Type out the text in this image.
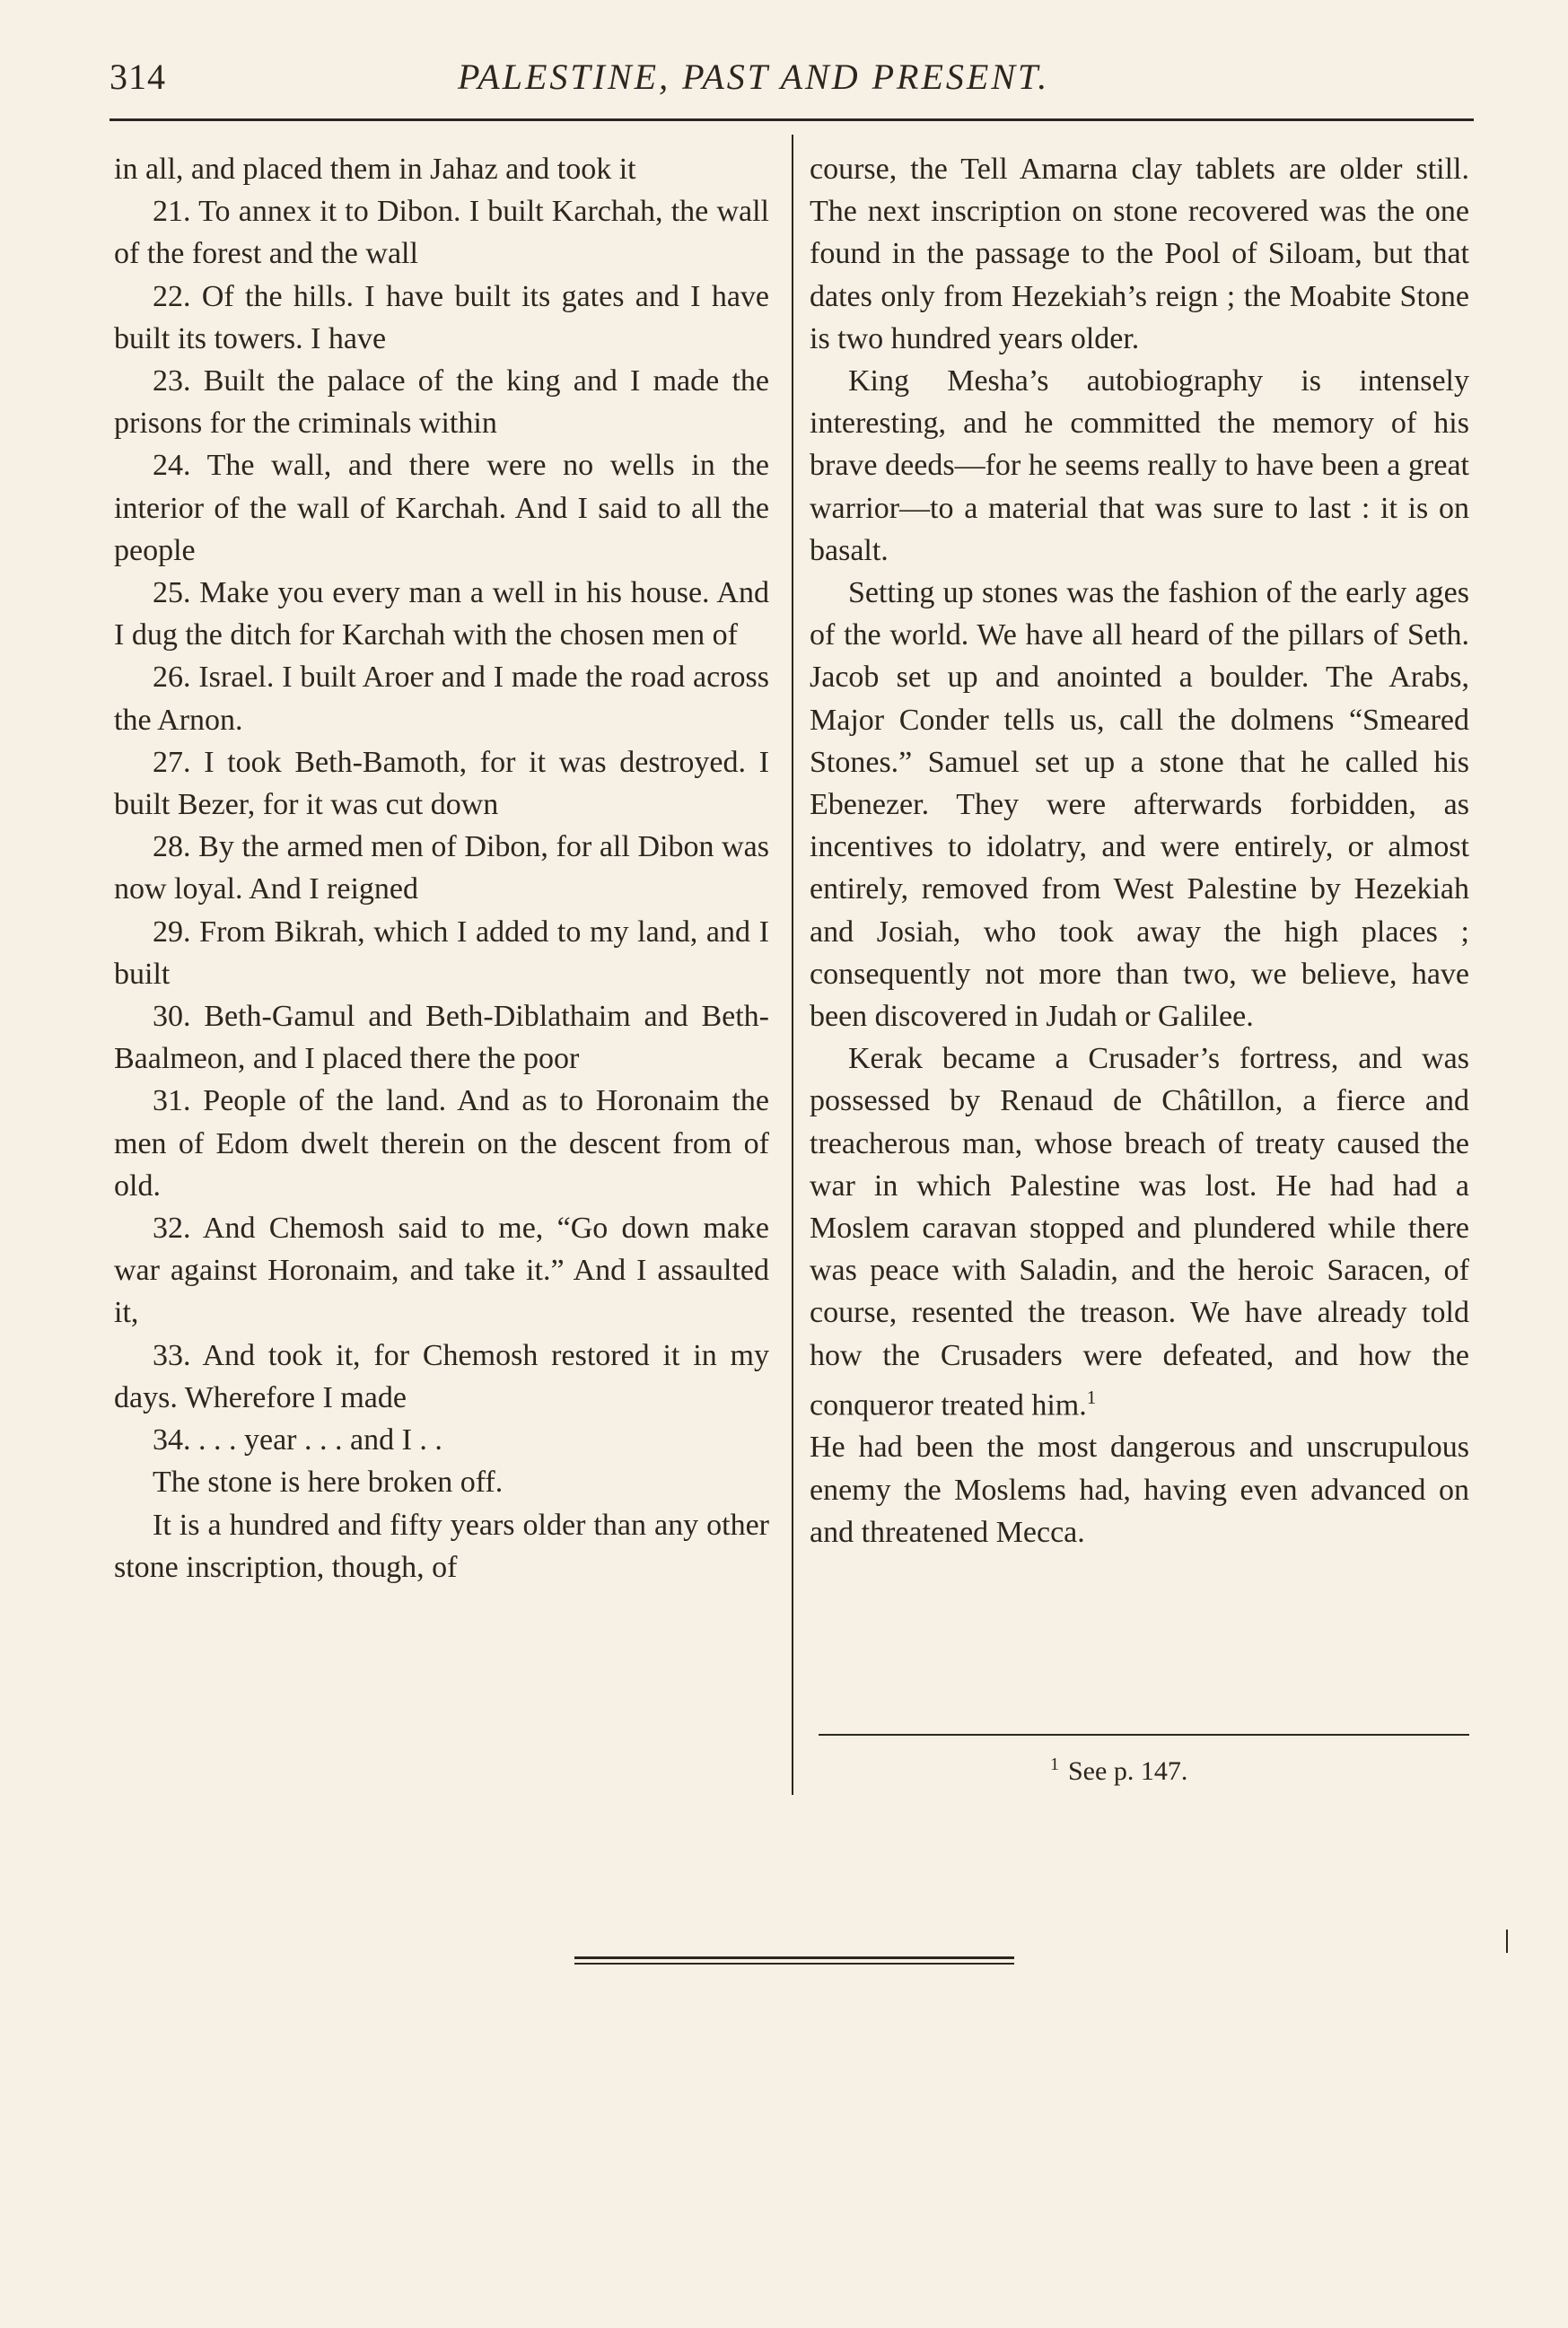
314	PALESTINE, PAST AND PRESENT.

in all, and placed them in Jahaz and took it

21. To annex it to Dibon. I built Karchah, the wall of the forest and the wall

22. Of the hills. I have built its gates and I have built its towers. I have

23. Built the palace of the king and I made the prisons for the criminals within

24. The wall, and there were no wells in the interior of the wall of Karchah. And I said to all the people

25. Make you every man a well in his house. And I dug the ditch for Karchah with the chosen men of

26. Israel. I built Aroer and I made the road across the Arnon.

27. I took Beth-Bamoth, for it was destroyed. I built Bezer, for it was cut down

28. By the armed men of Dibon, for all Dibon was now loyal. And I reigned

29. From Bikrah, which I added to my land, and I built

30. Beth-Gamul and Beth-Diblathaim and Beth-Baalmeon, and I placed there the poor

31. People of the land. And as to Horonaim the men of Edom dwelt therein on the descent from of old.

32. And Chemosh said to me, “Go down make war against Horonaim, and take it.” And I assaulted it,

33. And took it, for Chemosh restored it in my days. Wherefore I made

34. . . . year . . . and I . .

The stone is here broken off.

It is a hundred and fifty years older than any other stone inscription, though, of

course, the Tell Amarna clay tablets are older still. The next inscription on stone recovered was the one found in the passage to the Pool of Siloam, but that dates only from Hezekiah’s reign ; the Moabite Stone is two hundred years older.

King Mesha’s autobiography is intensely interesting, and he committed the memory of his brave deeds—for he seems really to have been a great warrior—to a material that was sure to last : it is on basalt.

Setting up stones was the fashion of the early ages of the world. We have all heard of the pillars of Seth. Jacob set up and anointed a boulder. The Arabs, Major Conder tells us, call the dolmens “Smeared Stones.” Samuel set up a stone that he called his Ebenezer. They were afterwards forbidden, as incentives to idolatry, and were entirely, or almost entirely, removed from West Palestine by Hezekiah and Josiah, who took away the high places ; consequently not more than two, we believe, have been discovered in Judah or Galilee.

Kerak became a Crusader’s fortress, and was possessed by Renaud de Châtillon, a fierce and treacherous man, whose breach of treaty caused the war in which Palestine was lost. He had had a Moslem caravan stopped and plundered while there was peace with Saladin, and the heroic Saracen, of course, resented the treason. We have already told how the Crusaders were defeated, and how the conqueror treated him.$^1$

He had been the most dangerous and unscrupulous enemy the Moslems had, having even advanced on and threatened Mecca.

$^1$ See p. 147.
